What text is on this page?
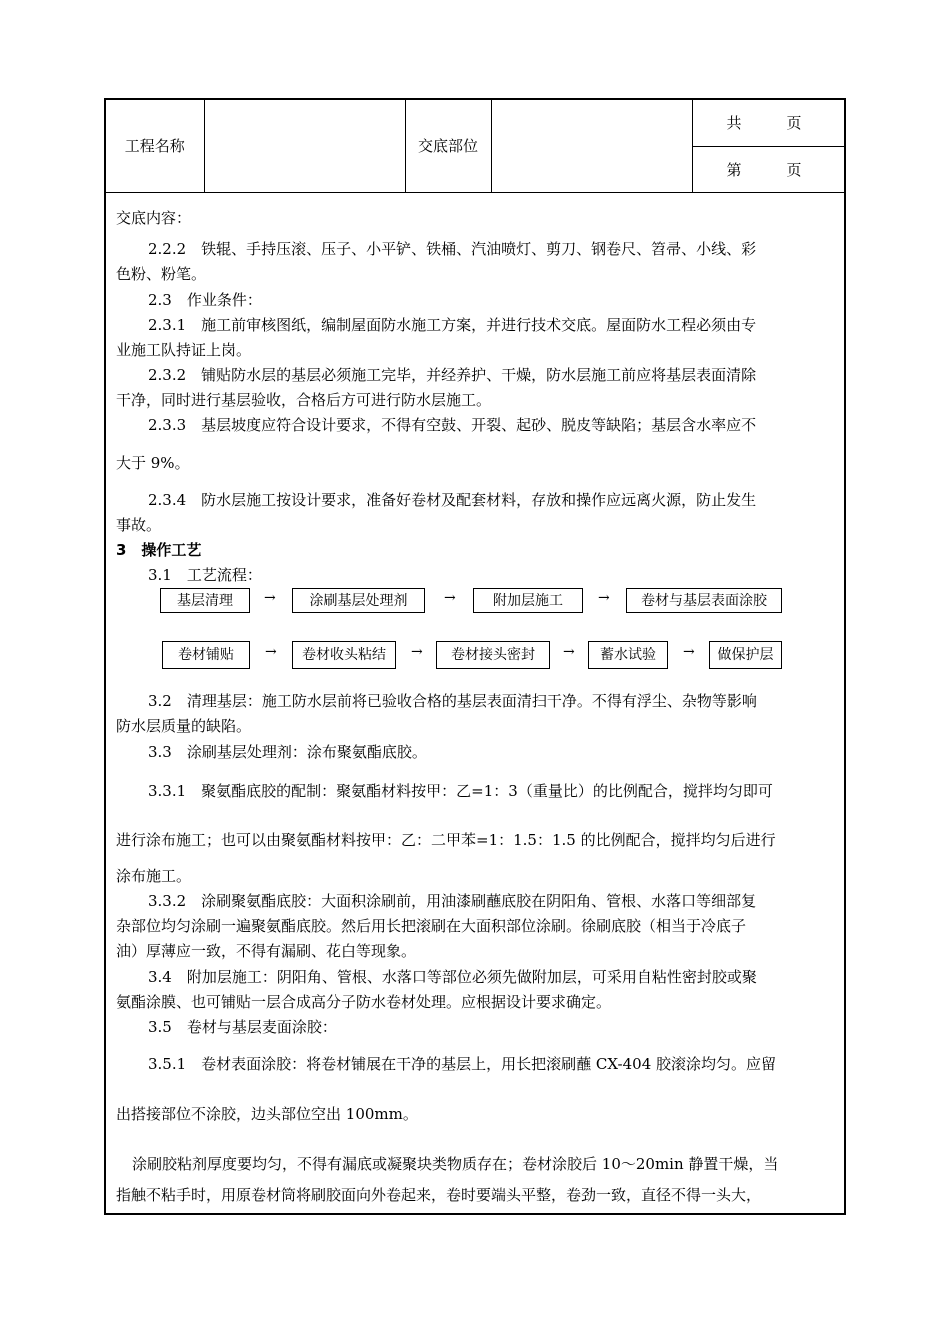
工程名称		交底部位		共　　　页
第　　　页
交底内容：
2.2.2　铁辊、手持压滚、压子、小平铲、铁桶、汽油喷灯、剪刀、钢卷尺、笤帚、小线、彩
色粉、粉笔。
2.3　作业条件：
2.3.1　施工前审核图纸，编制屋面防水施工方案，并进行技术交底。屋面防水工程必须由专
业施工队持证上岗。
2.3.2　铺贴防水层的基层必须施工完毕，并经养护、干燥，防水层施工前应将基层表面清除
干净，同时进行基层验收，合格后方可进行防水层施工。
2.3.3　基层坡度应符合设计要求，不得有空鼓、开裂、起砂、脱皮等缺陷；基层含水率应不
大于 9%。
2.3.4　防水层施工按设计要求，准备好卷材及配套材料，存放和操作应远离火源，防止发生
事故。
3　操作工艺
3.1　工艺流程：
基层清理	→	涂刷基层处理剂	→	附加层施工	→	卷材与基层表面涂胶
卷材铺贴	→	卷材收头粘结	→	卷材接头密封	→	蓄水试验	→	做保护层
3.2　清理基层：施工防水层前将已验收合格的基层表面清扫干净。不得有浮尘、杂物等影响
防水层质量的缺陷。
3.3　涂刷基层处理剂：涂布聚氨酯底胶。
3.3.1　聚氨酯底胶的配制：聚氨酯材料按甲：乙=1：3（重量比）的比例配合，搅拌均匀即可
进行涂布施工；也可以由聚氨酯材料按甲：乙：二甲苯=1：1.5：1.5 的比例配合，搅拌均匀后进行
涂布施工。
3.3.2　涂刷聚氨酯底胶：大面积涂刷前，用油漆刷蘸底胶在阴阳角、管根、水落口等细部复
杂部位均匀涂刷一遍聚氨酯底胶。然后用长把滚刷在大面积部位涂刷。徐刷底胶（相当于冷底子
油）厚薄应一致，不得有漏刷、花白等现象。
3.4　附加层施工：阴阳角、管根、水落口等部位必须先做附加层，可采用自粘性密封胶或聚
氨酯涂膜、也可铺贴一层合成高分子防水卷材处理。应根据设计要求确定。
3.5　卷材与基层麦面涂胶：
3.5.1　卷材表面涂胶：将卷材铺展在干净的基层上，用长把滚刷蘸 CX-404 胶滚涂均匀。应留
出搭接部位不涂胶，边头部位空出 100mm。
涂刷胶粘剂厚度要均匀，不得有漏底或凝聚块类物质存在；卷材涂胶后 10～20min 静置干燥，当
指触不粘手时，用原卷材筒将刷胶面向外卷起来，卷时要端头平整，卷劲一致，直径不得一头大，
